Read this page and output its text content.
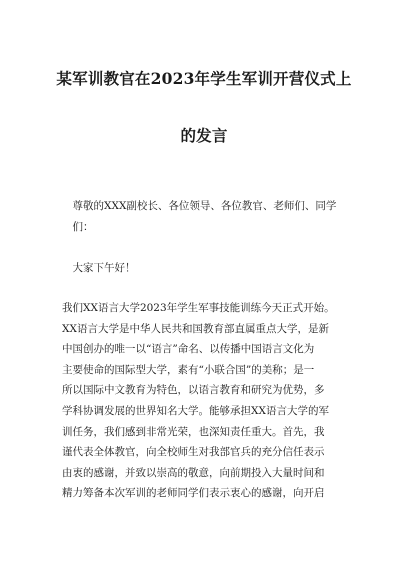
某军训教官在2023年学生军训开营仪式上
的发言
　尊敬的XXX副校长、各位领导、各位教官、老师们、同学
　们：
　大家下午好！
我们XX语言大学2023年学生军事技能训练今天正式开始。
XX语言大学是中华人民共和国教育部直属重点大学，是新
中国创办的唯一以“语言”命名、以传播中国语言文化为
主要使命的国际型大学，素有“小联合国”的美称；是一
所以国际中文教育为特色，以语言教育和研究为优势，多
学科协调发展的世界知名大学。能够承担XX语言大学的军
训任务，我们感到非常光荣，也深知责任重大。首先，我
谨代表全体教官，向全校师生对我部官兵的充分信任表示
由衷的感谢，并致以崇高的敬意，向前期投入大量时间和
精力筹备本次军训的老师同学们表示衷心的感谢，向开启
